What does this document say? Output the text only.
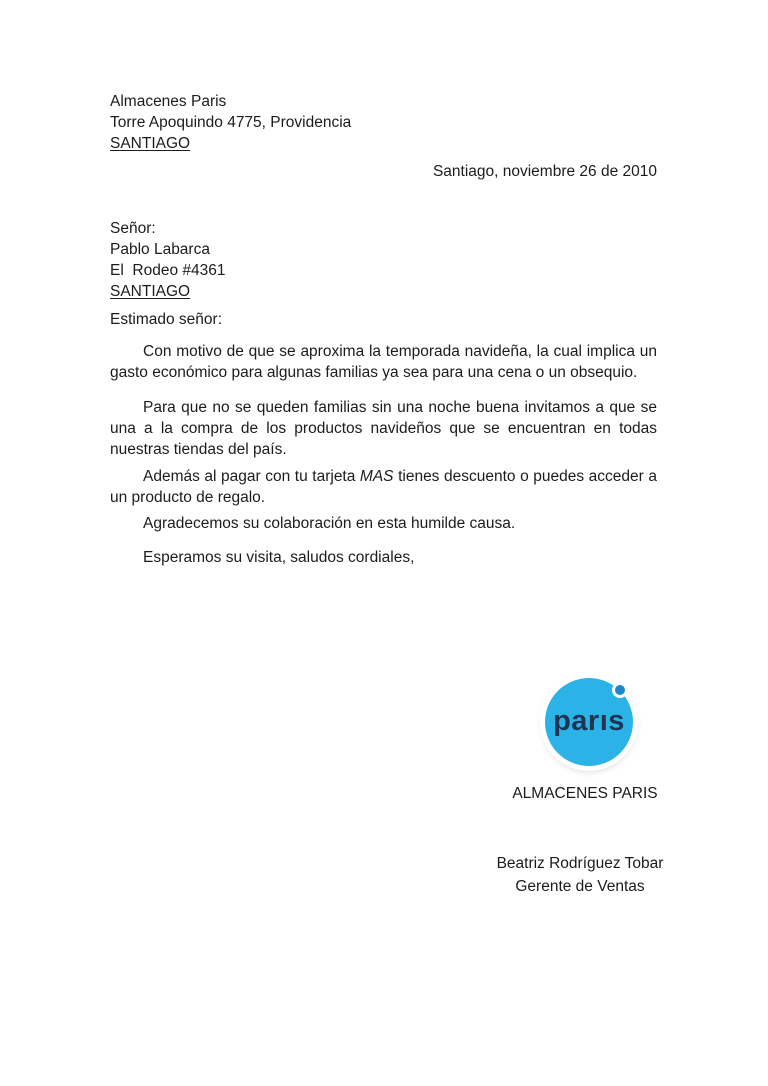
Almacenes Paris
Torre Apoquindo 4775, Providencia
SANTIAGO
Santiago, noviembre 26 de 2010
Señor:
Pablo Labarca
El  Rodeo #4361
SANTIAGO
Estimado señor:

Con motivo de que se aproxima la temporada navideña, la cual implica un gasto económico para algunas familias ya sea para una cena o un obsequio.

Para que no se queden familias sin una noche buena invitamos a que se una a la compra de los productos navideños que se encuentran en todas nuestras tiendas del país.

Además al pagar con tu tarjeta MAS tienes descuento o puedes acceder a un producto de regalo.

Agradecemos su colaboración en esta humilde causa.

Esperamos su visita, saludos cordiales,

parıs
ALMACENES PARIS
Beatriz Rodríguez Tobar
Gerente de Ventas
